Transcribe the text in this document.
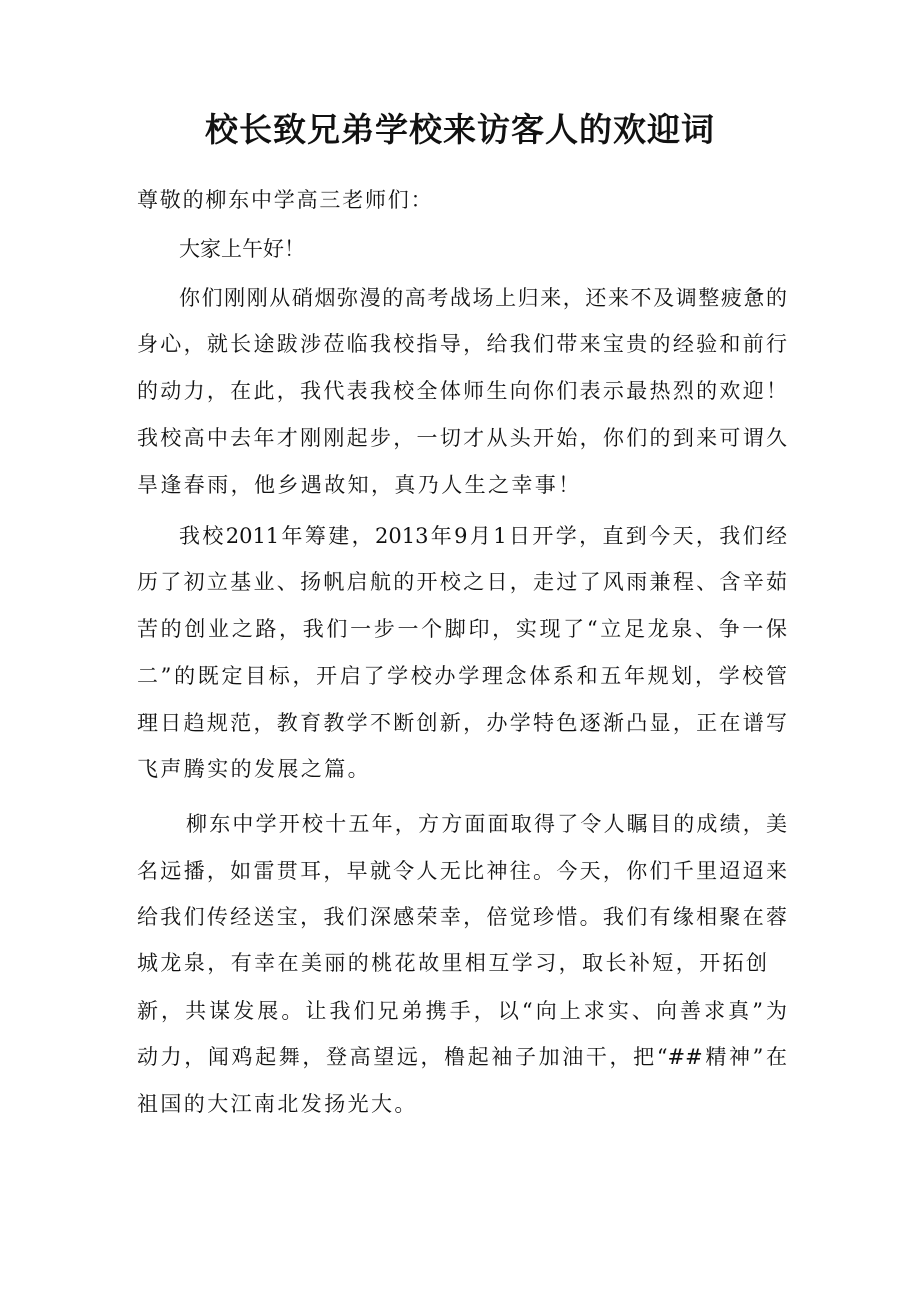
校长致兄弟学校来访客人的欢迎词
尊敬的柳东中学高三老师们：
大家上午好！
你们刚刚从硝烟弥漫的高考战场上归来，还来不及调整疲惫的
身心，就长途跋涉莅临我校指导，给我们带来宝贵的经验和前行
的动力，在此，我代表我校全体师生向你们表示最热烈的欢迎！
我校高中去年才刚刚起步，一切才从头开始，你们的到来可谓久
旱逢春雨，他乡遇故知，真乃人生之幸事！
我校2011年筹建，2013年9月1日开学，直到今天，我们经
历了初立基业、扬帆启航的开校之日，走过了风雨兼程、含辛茹
苦的创业之路，我们一步一个脚印，实现了“立足龙泉、争一保
二”的既定目标，开启了学校办学理念体系和五年规划，学校管
理日趋规范，教育教学不断创新，办学特色逐渐凸显，正在谱写
飞声腾实的发展之篇。
柳东中学开校十五年，方方面面取得了令人瞩目的成绩，美
名远播，如雷贯耳，早就令人无比神往。今天，你们千里迢迢来
给我们传经送宝，我们深感荣幸，倍觉珍惜。我们有缘相聚在蓉
城龙泉，有幸在美丽的桃花故里相互学习，取长补短，开拓创
新，共谋发展。让我们兄弟携手，以“向上求实、向善求真”为
动力，闻鸡起舞，登高望远，橹起袖子加油干，把“##精神”在
祖国的大江南北发扬光大。
